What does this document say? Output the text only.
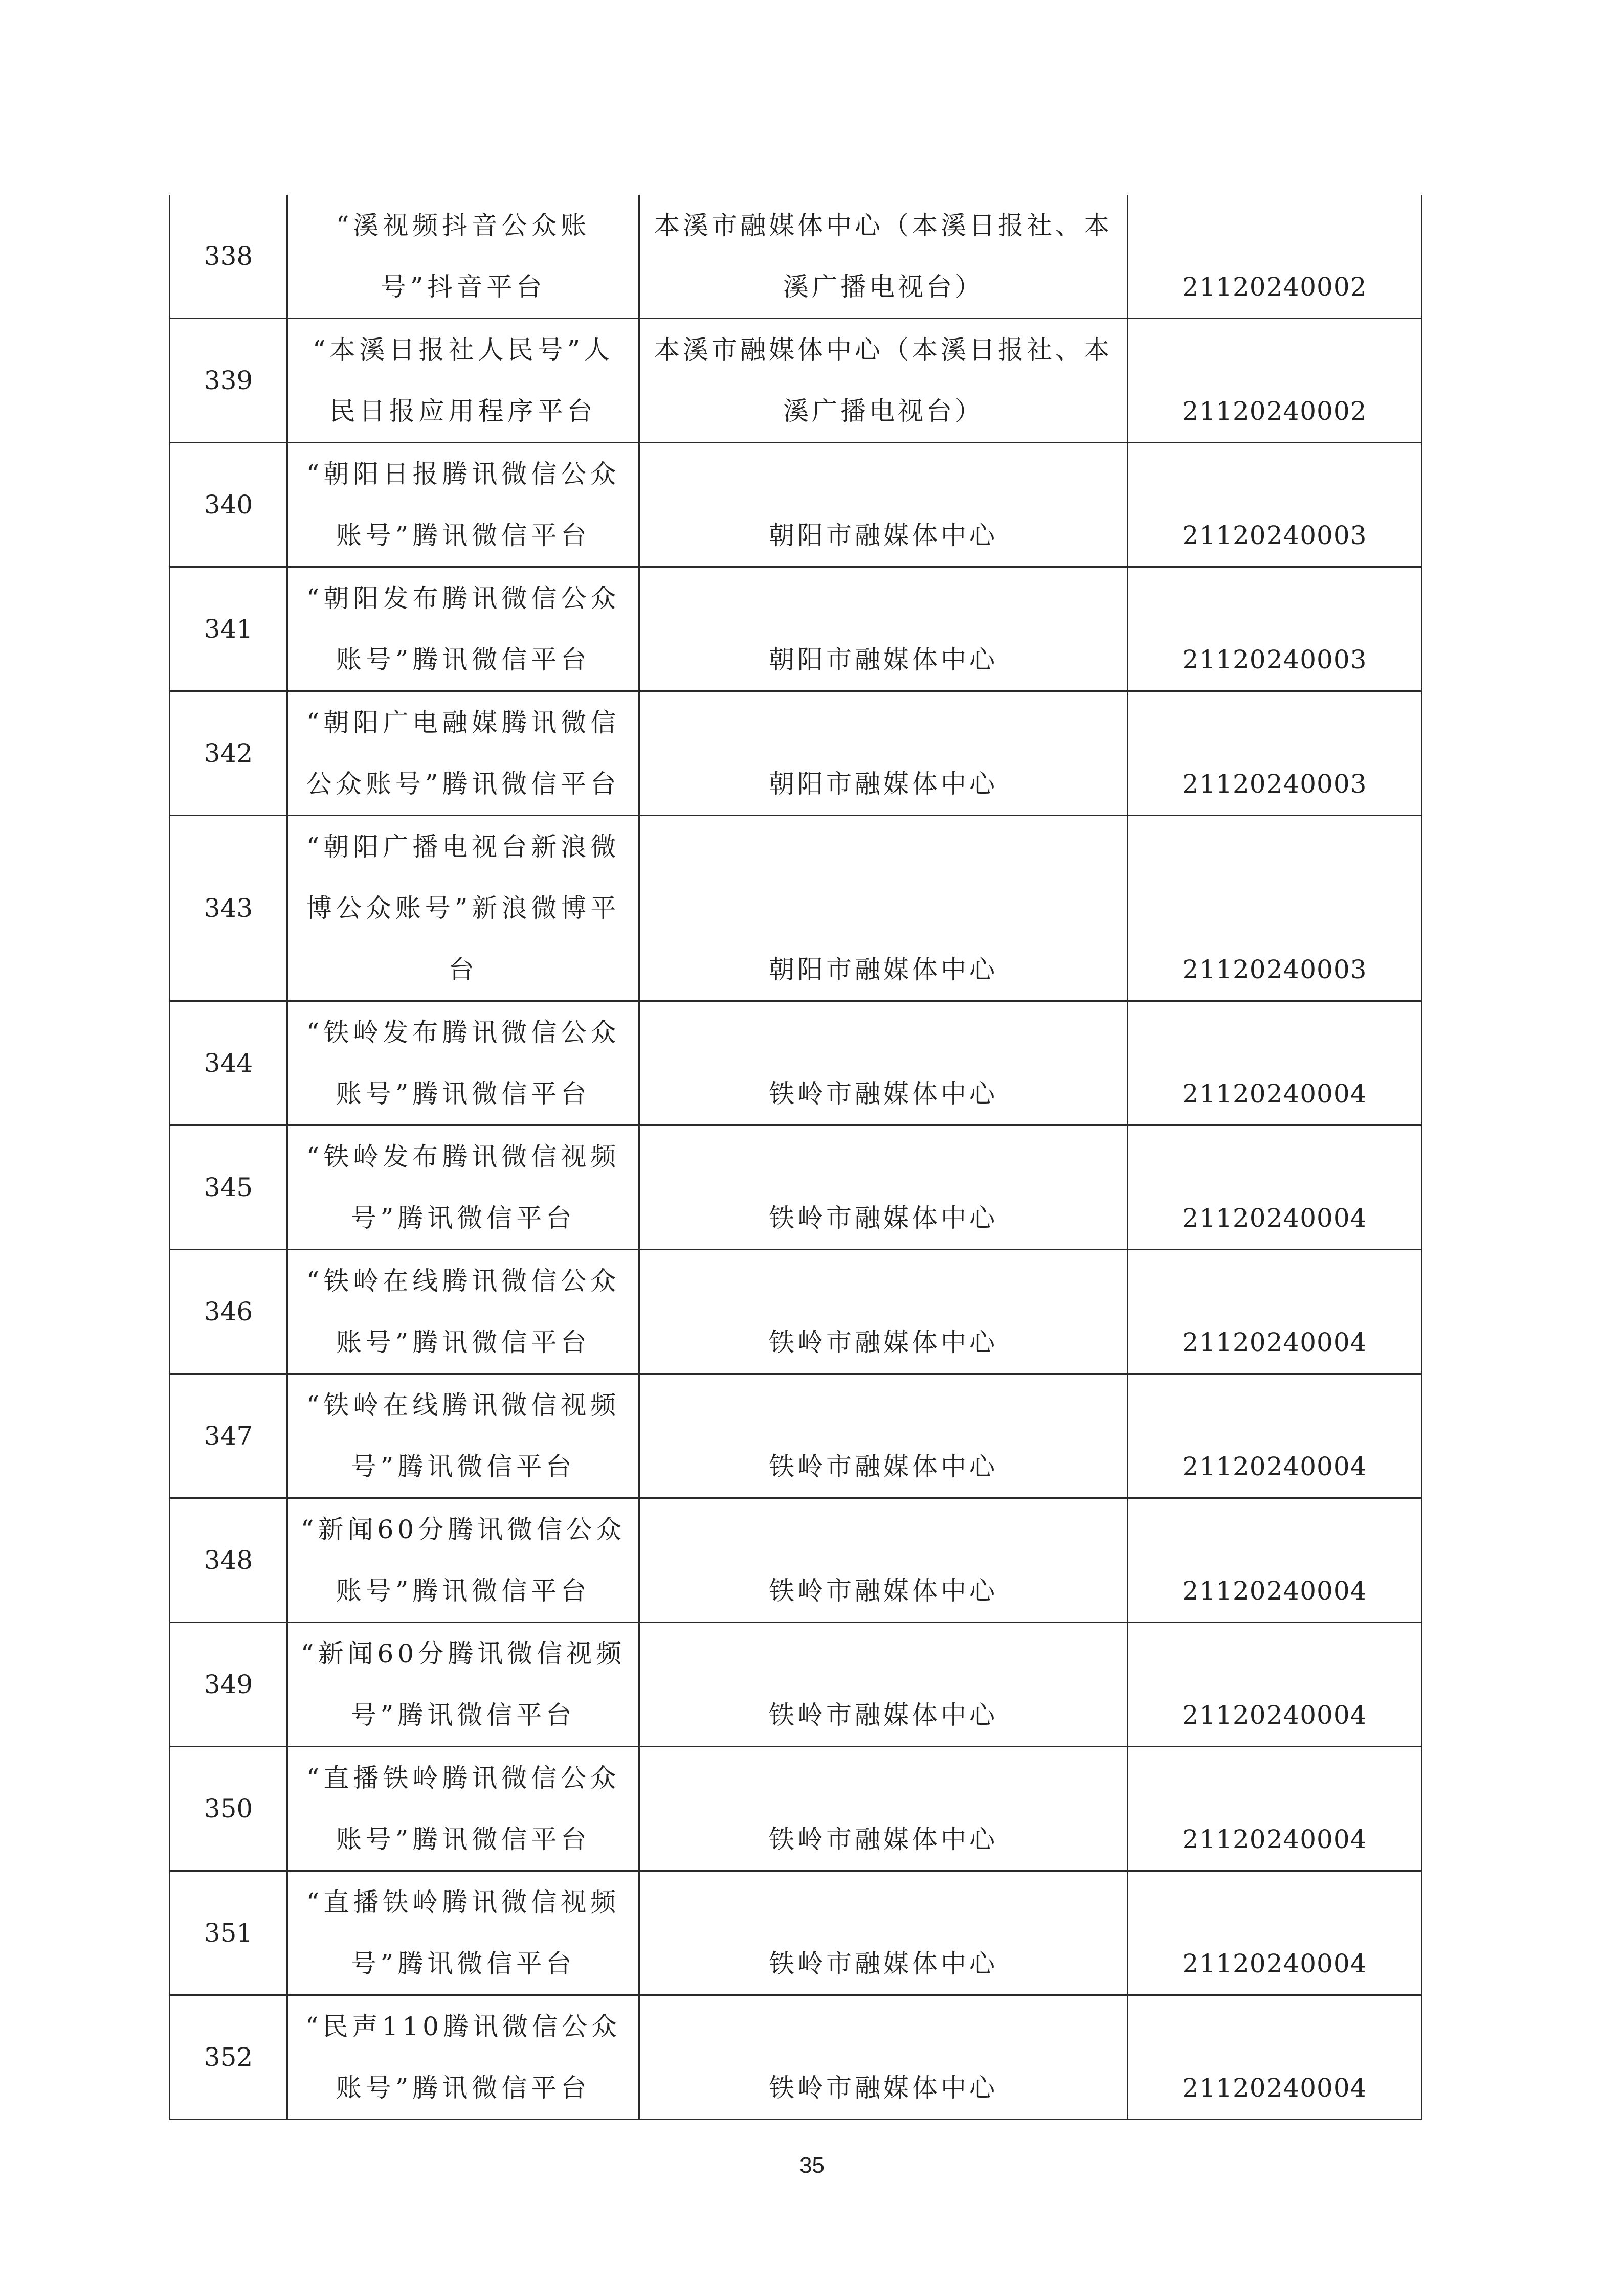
338	“溪视频抖音公众账号”抖音平台	本溪市融媒体中心（本溪日报社、本溪广播电视台）	21120240002
339	“本溪日报社人民号”人民日报应用程序平台	本溪市融媒体中心（本溪日报社、本溪广播电视台）	21120240002
340	“朝阳日报腾讯微信公众账号”腾讯微信平台	朝阳市融媒体中心	21120240003
341	“朝阳发布腾讯微信公众账号”腾讯微信平台	朝阳市融媒体中心	21120240003
342	“朝阳广电融媒腾讯微信公众账号”腾讯微信平台	朝阳市融媒体中心	21120240003
343	“朝阳广播电视台新浪微博公众账号”新浪微博平台	朝阳市融媒体中心	21120240003
344	“铁岭发布腾讯微信公众账号”腾讯微信平台	铁岭市融媒体中心	21120240004
345	“铁岭发布腾讯微信视频号”腾讯微信平台	铁岭市融媒体中心	21120240004
346	“铁岭在线腾讯微信公众账号”腾讯微信平台	铁岭市融媒体中心	21120240004
347	“铁岭在线腾讯微信视频号”腾讯微信平台	铁岭市融媒体中心	21120240004
348	“新闻60分腾讯微信公众账号”腾讯微信平台	铁岭市融媒体中心	21120240004
349	“新闻60分腾讯微信视频号”腾讯微信平台	铁岭市融媒体中心	21120240004
350	“直播铁岭腾讯微信公众账号”腾讯微信平台	铁岭市融媒体中心	21120240004
351	“直播铁岭腾讯微信视频号”腾讯微信平台	铁岭市融媒体中心	21120240004
352	“民声110腾讯微信公众账号”腾讯微信平台	铁岭市融媒体中心	21120240004
35
